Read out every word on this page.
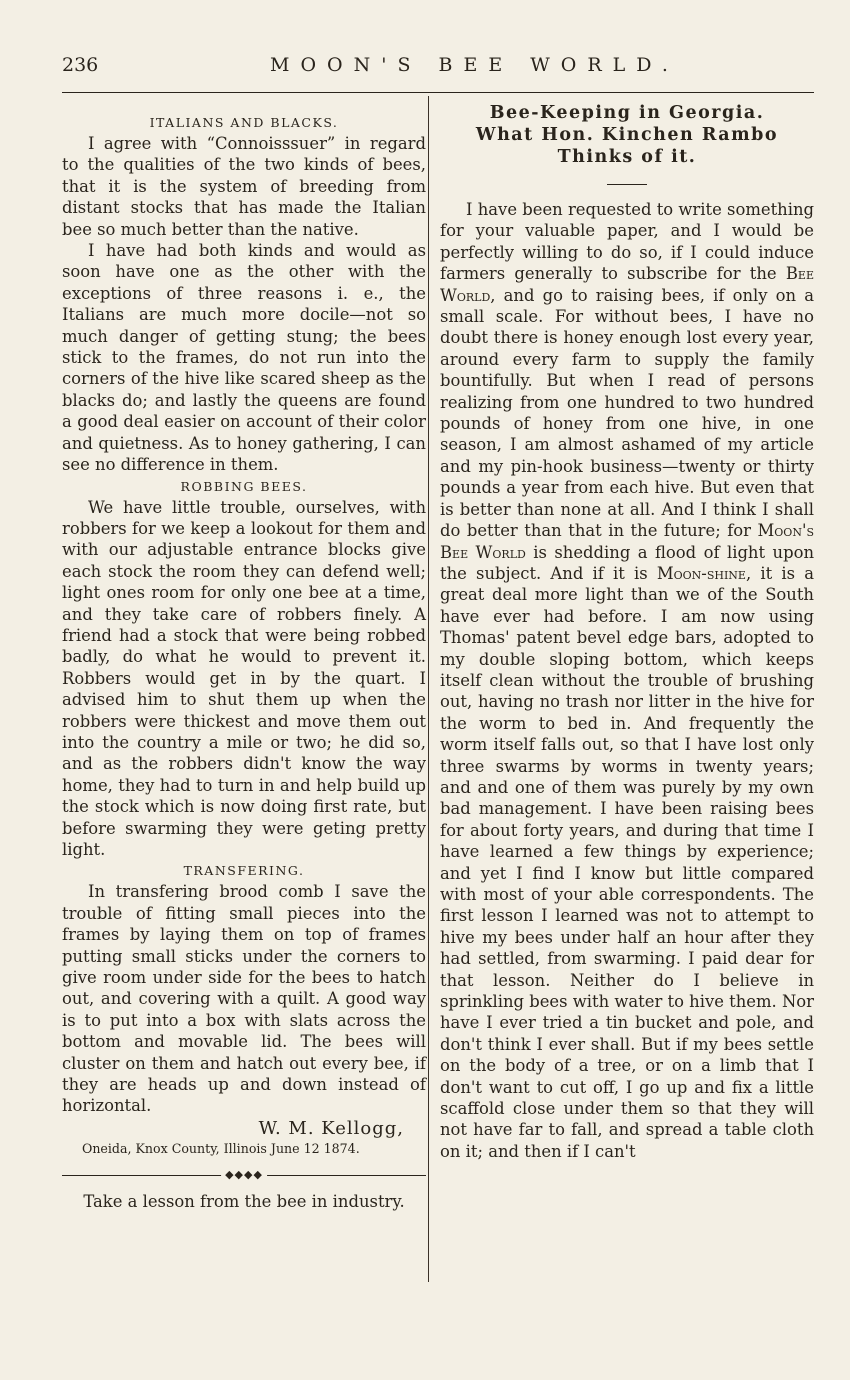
236	MOON'S BEE WORLD.

ITALIANS AND BLACKS.

I agree with “Connoisssuer” in regard to the qualities of the two kinds of bees, that it is the system of breeding from distant stocks that has made the Italian bee so much better than the native.

I have had both kinds and would as soon have one as the other with the exceptions of three reasons i. e., the Italians are much more docile—not so much danger of getting stung; the bees stick to the frames, do not run into the corners of the hive like scared sheep as the blacks do; and lastly the queens are found a good deal easier on account of their color and quietness. As to honey gathering, I can see no difference in them.

ROBBING BEES.

We have little trouble, ourselves, with robbers for we keep a lookout for them and with our adjustable entrance blocks give each stock the room they can defend well; light ones room for only one bee at a time, and they take care of robbers finely. A friend had a stock that were being robbed badly, do what he would to prevent it. Robbers would get in by the quart. I advised him to shut them up when the robbers were thickest and move them out into the country a mile or two; he did so, and as the robbers didn't know the way home, they had to turn in and help build up the stock which is now doing first rate, but before swarming they were geting pretty light.

TRANSFERING.

In transfering brood comb I save the trouble of fitting small pieces into the frames by laying them on top of frames putting small sticks under the corners to give room under side for the bees to hatch out, and covering with a quilt. A good way is to put into a box with slats across the bottom and movable lid. The bees will cluster on them and hatch out every bee, if they are heads up and down instead of horizontal.

W. M. Kellogg,

Oneida, Knox County, Illinois June 12 1874.

◆◆◆◆

Take a lesson from the bee in industry.

Bee-Keeping in Georgia.

What Hon. Kinchen Rambo

Thinks of it.

I have been requested to write something for your valuable paper, and I would be perfectly willing to do so, if I could induce farmers generally to subscribe for the Bee World, and go to raising bees, if only on a small scale. For without bees, I have no doubt there is honey enough lost every year, around every farm to supply the family bountifully. But when I read of persons realizing from one hundred to two hundred pounds of honey from one hive, in one season, I am almost ashamed of my article and my pin-hook business—twenty or thirty pounds a year from each hive. But even that is better than none at all. And I think I shall do better than that in the future; for Moon's Bee World is shedding a flood of light upon the subject. And if it is Moon-shine, it is a great deal more light than we of the South have ever had before. I am now using Thomas' patent bevel edge bars, adopted to my double sloping bottom, which keeps itself clean without the trouble of brushing out, having no trash nor litter in the hive for the worm to bed in. And frequently the worm itself falls out, so that I have lost only three swarms by worms in twenty years; and and one of them was purely by my own bad management. I have been raising bees for about forty years, and during that time I have learned a few things by experience; and yet I find I know but little compared with most of your able correspondents. The first lesson I learned was not to attempt to hive my bees under half an hour after they had settled, from swarming. I paid dear for that lesson. Neither do I believe in sprinkling bees with water to hive them. Nor have I ever tried a tin bucket and pole, and don't think I ever shall. But if my bees settle on the body of a tree, or on a limb that I don't want to cut off, I go up and fix a little scaffold close under them so that they will not have far to fall, and spread a table cloth on it; and then if I can't
